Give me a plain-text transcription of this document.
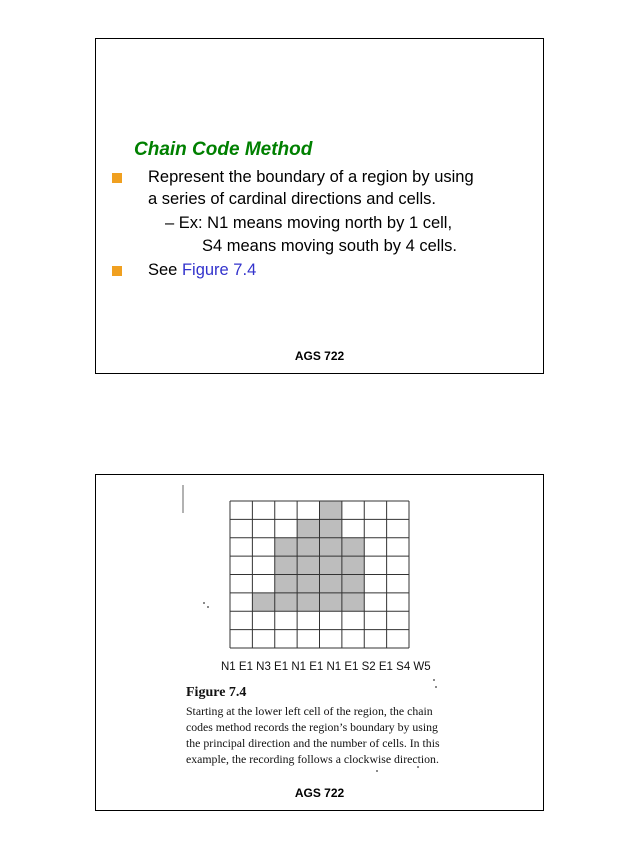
Chain Code Method
Represent the boundary of a region by using
a series of cardinal directions and cells.
– Ex: N1 means moving north by 1 cell,
S4 means moving south by 4 cells.
See Figure 7.4
AGS 722
N1 E1 N3 E1 N1 E1 N1 E1 S2 E1 S4 W5
Figure 7.4
Starting at the lower left cell of the region, the chain
codes method records the region’s boundary by using
the principal direction and the number of cells. In this
example, the recording follows a clockwise direction.
AGS 722
